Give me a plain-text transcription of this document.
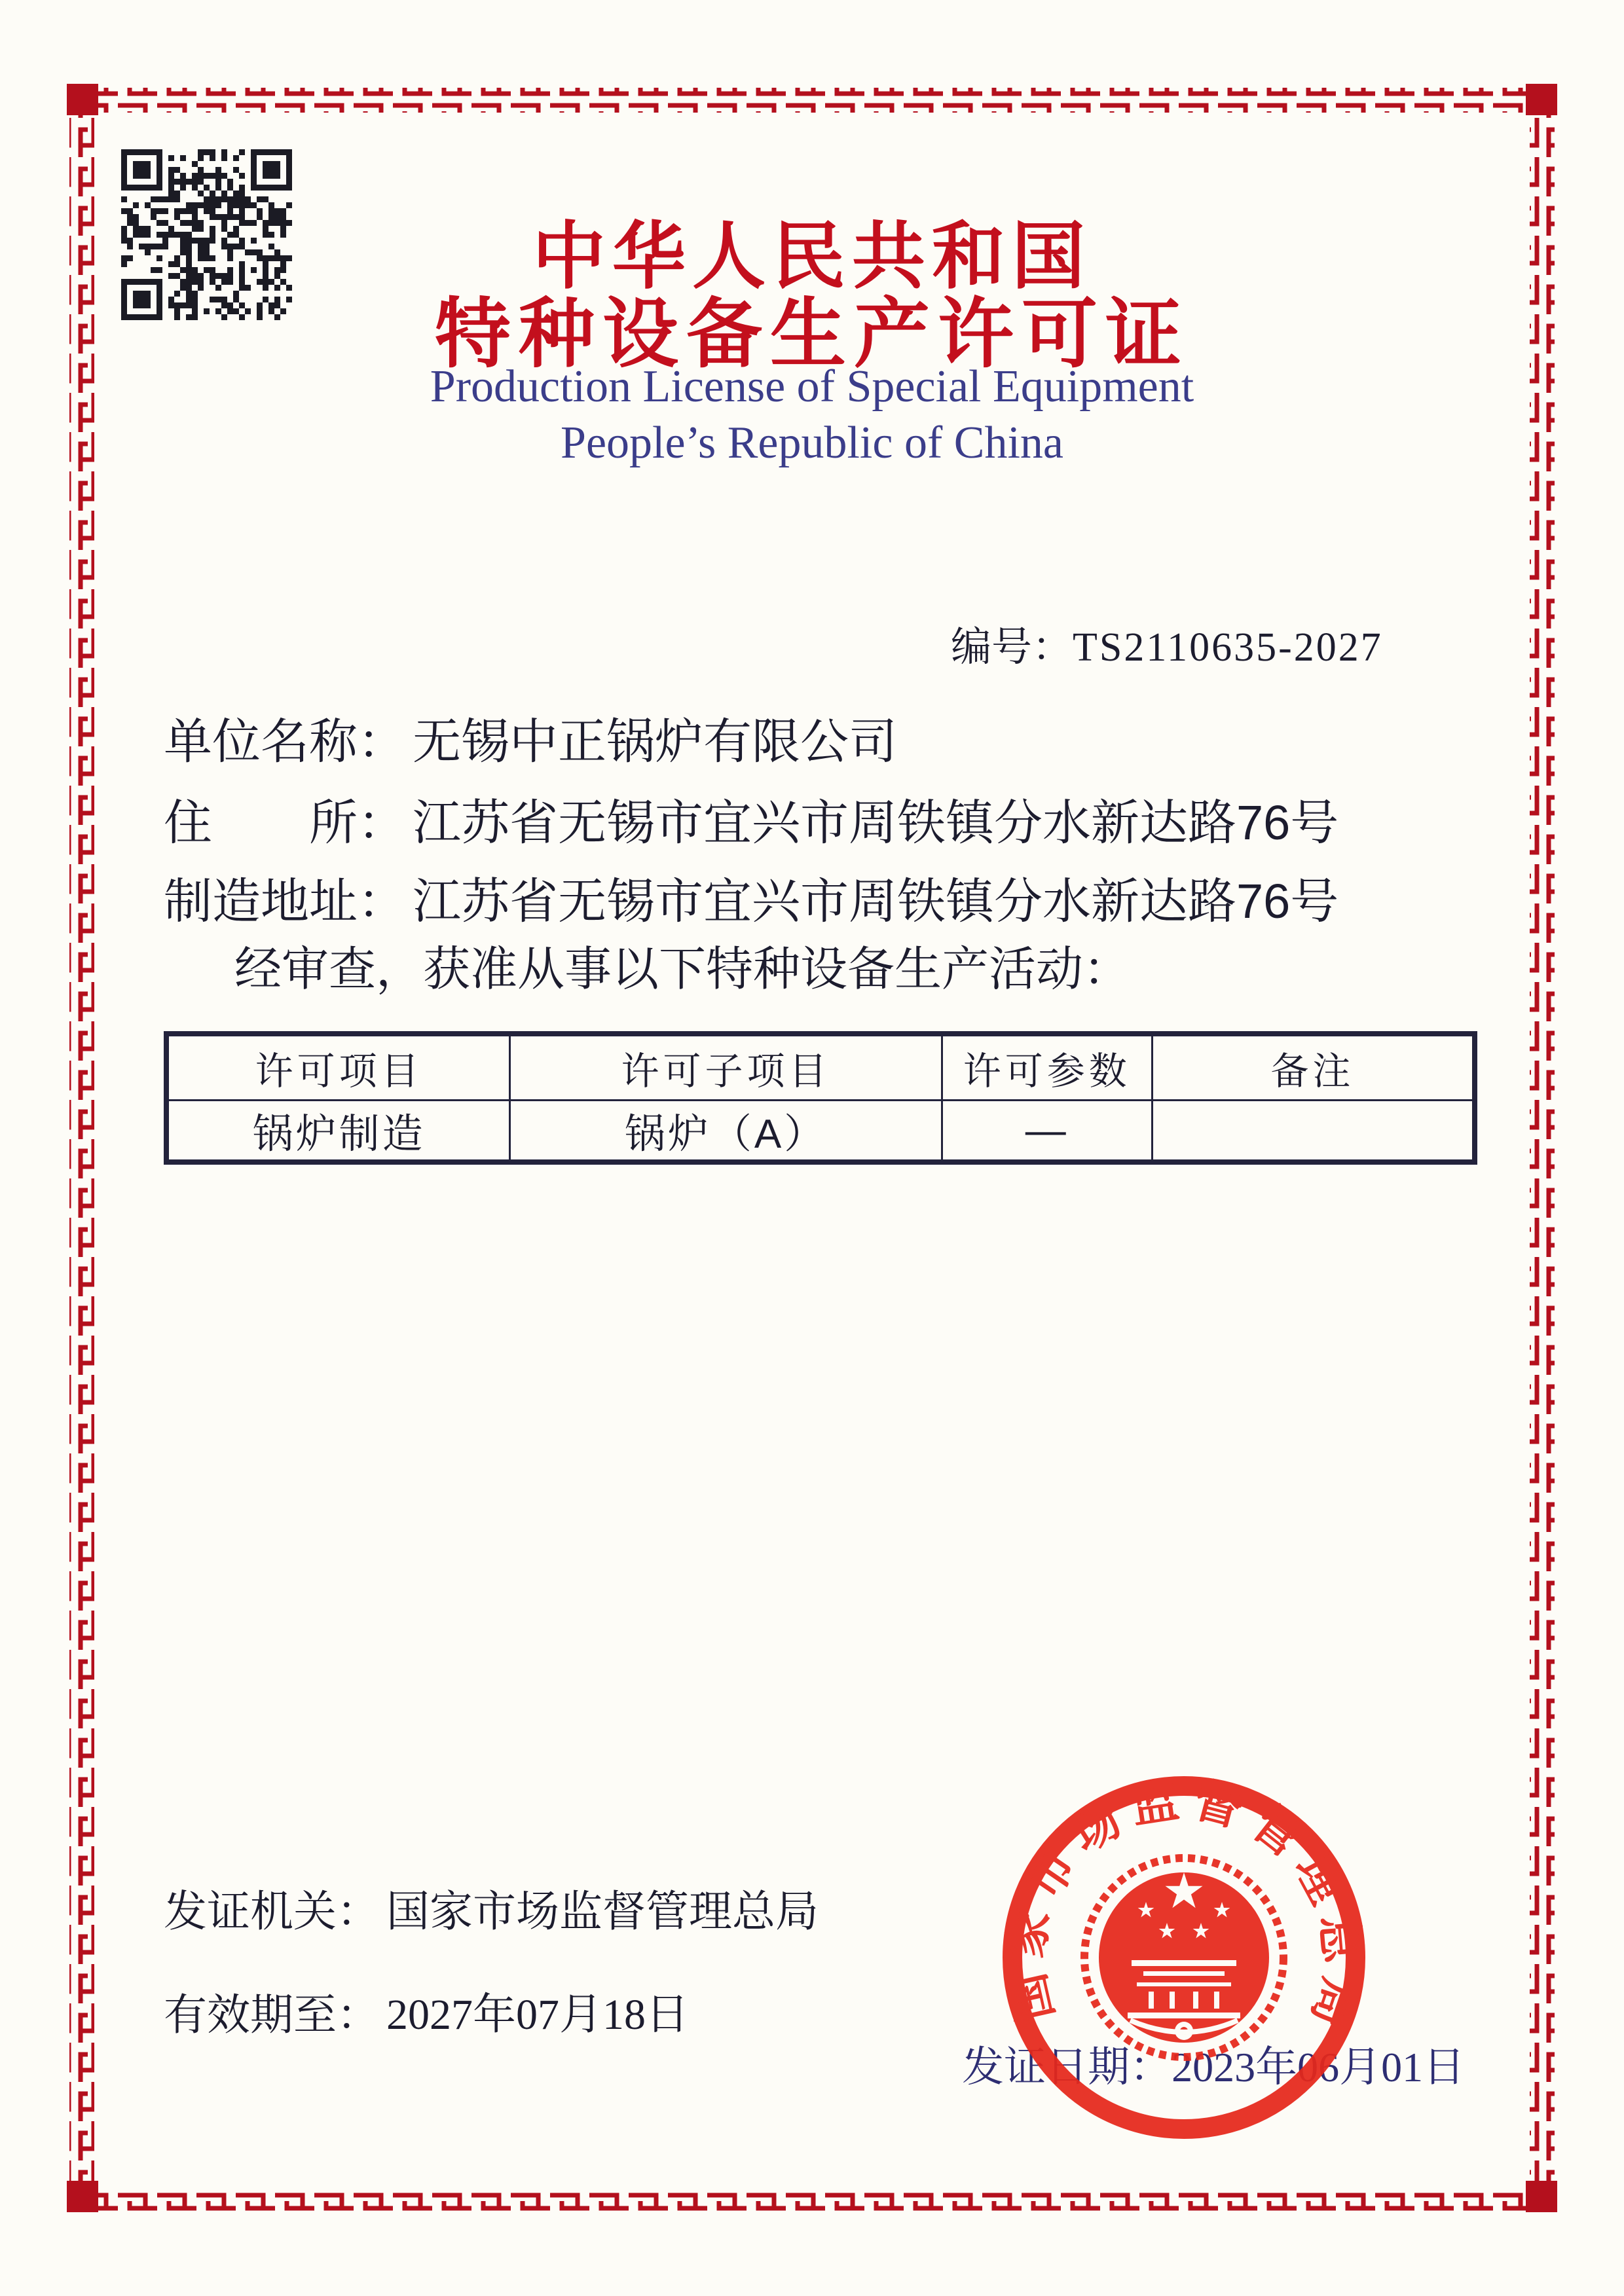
中华人民共和国
特种设备生产许可证
Production License of Special Equipment
People’s Republic of China
编号：TS2110635-2027
单位名称： 无锡中正锅炉有限公司
住　　所： 江苏省无锡市宜兴市周铁镇分水新达路76号
制造地址： 江苏省无锡市宜兴市周铁镇分水新达路76号
经审查，获准从事以下特种设备生产活动：
许可项目	许可子项目	许可参数	备注
锅炉制造	锅炉（A）	—	
发证机关： 国家市场监督管理总局
有效期至： 2027年07月18日

发证日期：2023年06月01日

国家市场监督管理总局
